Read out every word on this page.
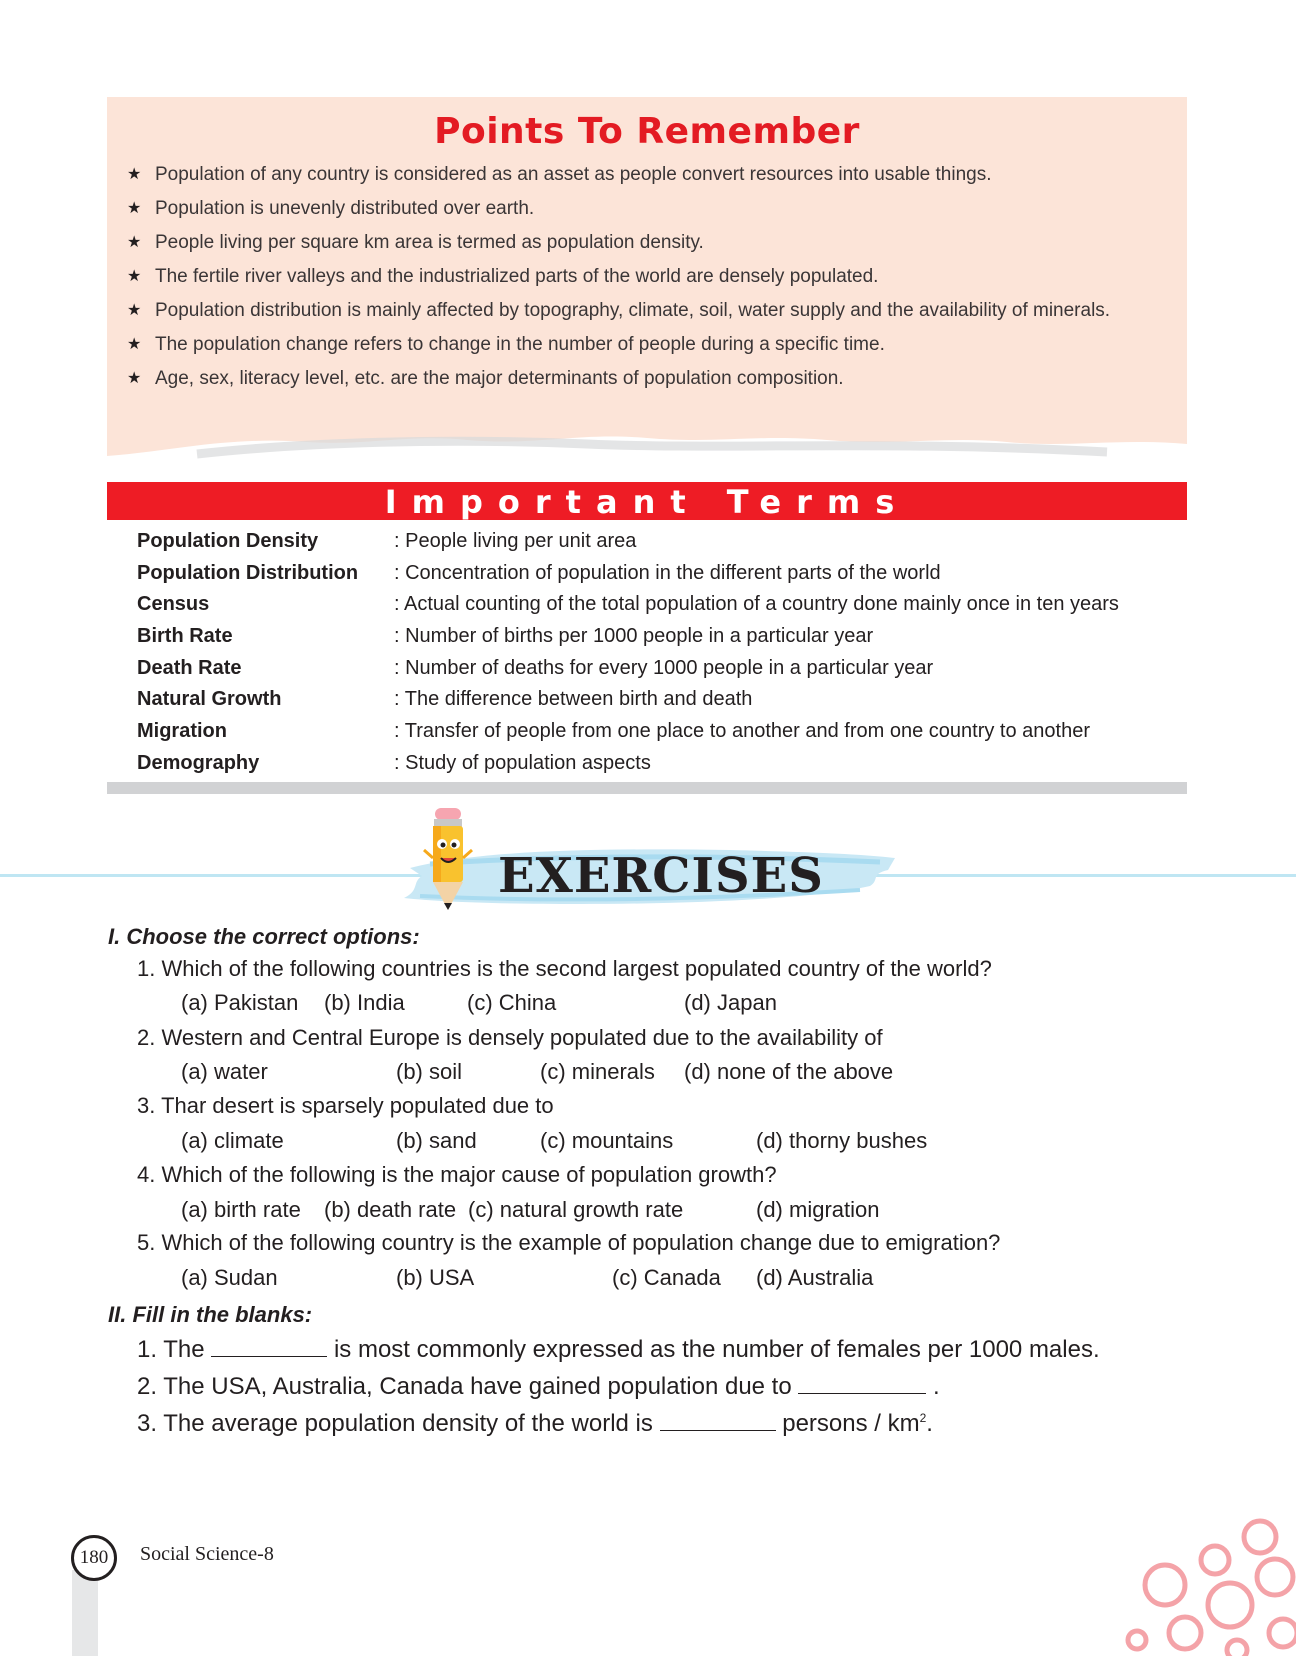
Points To Remember
★ Population of any country is considered as an asset as people convert resources into usable things.
★ Population is unevenly distributed over earth.
★ People living per square km area is termed as population density.
★ The fertile river valleys and the industrialized parts of the world are densely populated.
★ Population distribution is mainly affected by topography, climate, soil, water supply and the availability of minerals.
★ The population change refers to change in the number of people during a specific time.
★ Age, sex, literacy level, etc. are the major determinants of population composition.
Important Terms
Population Density	: People living per unit area
Population Distribution : Concentration of population in the different parts of the world
Census	: Actual counting of the total population of a country done mainly once in ten years
Birth Rate	: Number of births per 1000 people in a particular year
Death Rate	: Number of deaths for every 1000 people in a particular year
Natural Growth	: The difference between birth and death
Migration	: Transfer of people from one place to another and from one country to another
Demography	: Study of population aspects
EXERCISES
I. Choose the correct options:
1. Which of the following countries is the second largest populated country of the world?
(a) Pakistan (b) India	(c) China	(d) Japan
2. Western and Central Europe is densely populated due to the availability of
(a) water	(b) soil	(c) minerals (d) none of the above
3. Thar desert is sparsely populated due to
(a) climate	(b) sand	(c) mountains	(d) thorny bushes
4. Which of the following is the major cause of population growth?
(a) birth rate (b) death rate (c) natural growth rate	(d) migration
5. Which of the following country is the example of population change due to emigration?
(a) Sudan	(b) USA	(c) Canada (d) Australia
II. Fill in the blanks:
1. The	is most commonly expressed as the number of females per 1000 males.
2. The USA, Australia, Canada have gained population due to	.
3. The average population density of the world is	persons / $km^2$.
180	Social Science-8
